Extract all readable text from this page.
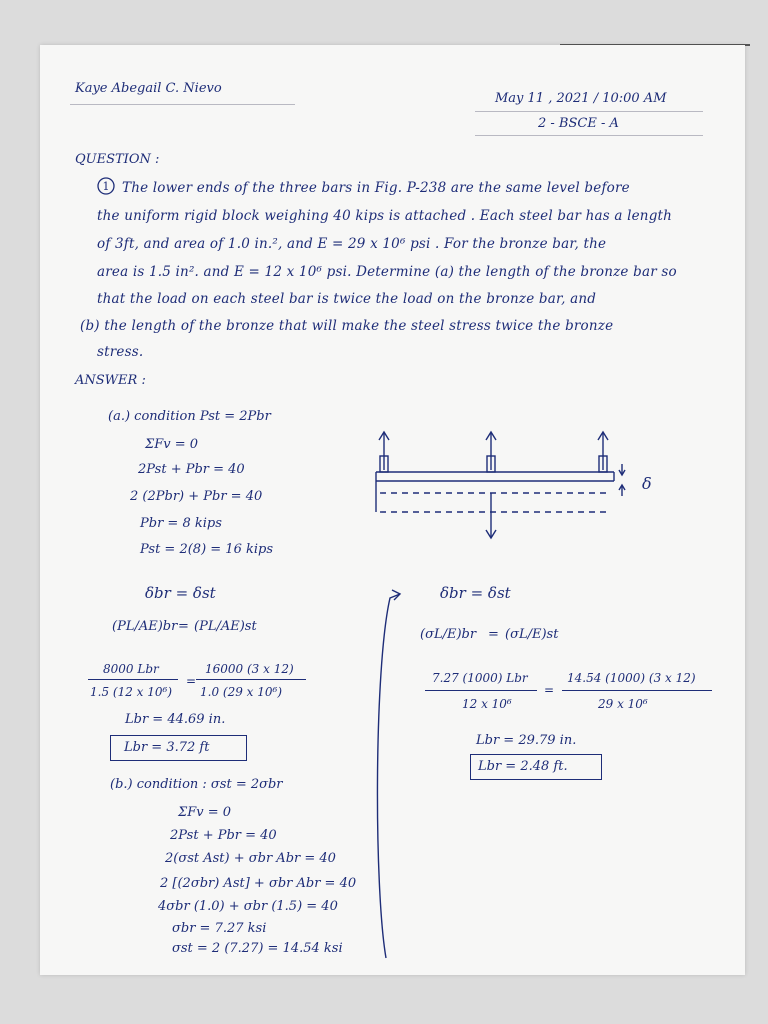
Kaye Abegail C. Nievo
May 11 , 2021 / 10:00 AM
2 - BSCE - A
QUESTION :
1 The lower ends of the three bars in Fig. P-238 are the same level before
the uniform rigid block weighing 40 kips is attached . Each steel bar has a length
of 3ft, and area of 1.0 in.², and E = 29 x 10⁶ psi . For the bronze bar, the
area is 1.5 in². and E = 12 x 10⁶ psi. Determine (a) the length of the bronze bar so
that the load on each steel bar is twice the load on the bronze bar, and
(b) the length of the bronze that will make the steel stress twice the bronze
stress.
ANSWER :
(a.) condition Pst = 2Pbr
ΣFv = 0
2Pst + Pbr = 40
2 (2Pbr) + Pbr = 40
Pbr = 8 kips
Pst = 2(8) = 16 kips
δ
δbr = δst
(PL/AE)br = (PL/AE)st
8000 Lbr
1.5 (12 x 10⁶)
=
16000 (3 x 12)
1.0 (29 x 10⁶)
Lbr = 44.69 in.
Lbr = 3.72 ft
(b.) condition : σst = 2σbr
ΣFv = 0
2Pst + Pbr = 40
2(σst Ast) + σbr Abr = 40
2 [(2σbr) Ast] + σbr Abr = 40
4σbr (1.0) + σbr (1.5) = 40
σbr = 7.27 ksi
σst = 2 (7.27) = 14.54 ksi
δbr = δst
(σL/E)br = (σL/E)st
7.27 (1000) Lbr
12 x 10⁶
=
14.54 (1000) (3 x 12)
29 x 10⁶
Lbr = 29.79 in.
Lbr = 2.48 ft.
